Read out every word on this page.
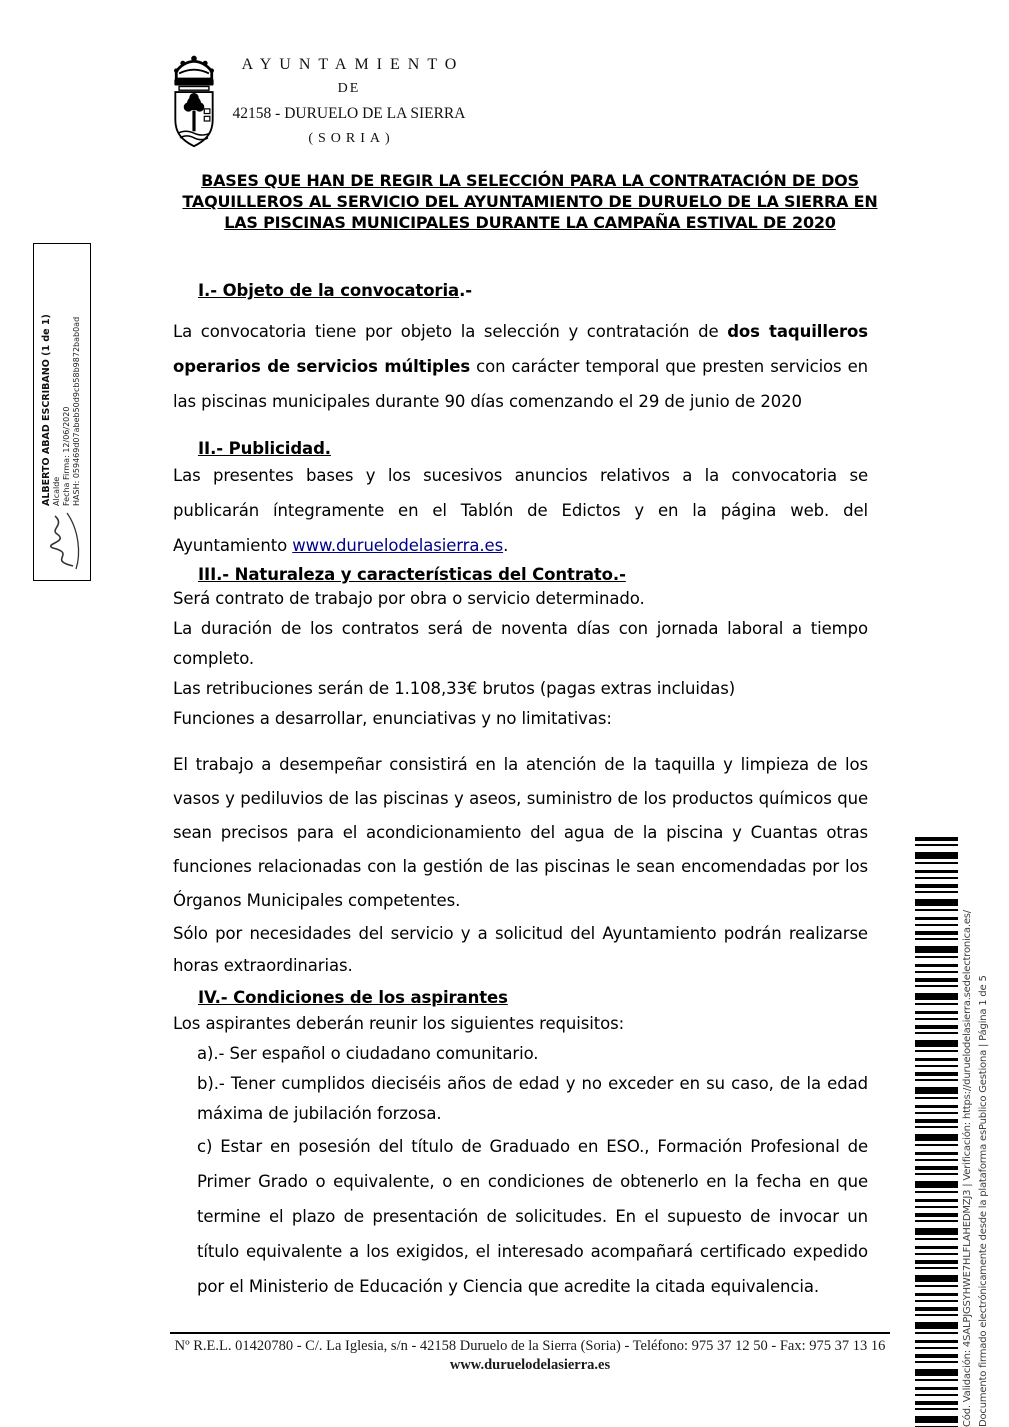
AYUNTAMIENTO
DE
42158 - DURUELO DE LA SIERRA
(SORIA)
BASES QUE HAN DE REGIR LA SELECCIÓN PARA LA CONTRATACIÓN DE DOS TAQUILLEROS AL SERVICIO DEL AYUNTAMIENTO DE DURUELO DE LA SIERRA EN LAS PISCINAS MUNICIPALES DURANTE LA CAMPAÑA ESTIVAL DE 2020
I.- Objeto de la convocatoria.-

La convocatoria tiene por objeto la selección y contratación de dos taquilleros operarios de servicios múltiples con carácter temporal que presten servicios en las piscinas municipales durante 90 días comenzando el 29 de junio de 2020

II.- Publicidad.

Las presentes bases y los sucesivos anuncios relativos a la convocatoria se publicarán íntegramente en el Tablón de Edictos y en la página web. del Ayuntamiento www.duruelodelasierra.es.

III.- Naturaleza y características del Contrato.-

Será contrato de trabajo por obra o servicio determinado.

La duración de los contratos será de noventa días con jornada laboral a tiempo completo.

Las retribuciones serán de 1.108,33€ brutos (pagas extras incluidas)

Funciones a desarrollar, enunciativas y no limitativas:

El trabajo a desempeñar consistirá en la atención de la taquilla y limpieza de los vasos y pediluvios de las piscinas y aseos, suministro de los productos químicos que sean precisos para el acondicionamiento del agua de la piscina y Cuantas otras funciones relacionadas con la gestión de las piscinas le sean encomendadas por los Órganos Municipales competentes.

Sólo por necesidades del servicio y a solicitud del Ayuntamiento podrán realizarse horas extraordinarias.

IV.- Condiciones de los aspirantes

Los aspirantes deberán reunir los siguientes requisitos:

a).- Ser español o ciudadano comunitario.

b).- Tener cumplidos dieciséis años de edad y no exceder en su caso, de la edad máxima de jubilación forzosa.

c) Estar en posesión del título de Graduado en ESO., Formación Profesional de Primer Grado o equivalente, o en condiciones de obtenerlo en la fecha en que termine el plazo de presentación de solicitudes. En el supuesto de invocar un título equivalente a los exigidos, el interesado acompañará certificado expedido por el Ministerio de Educación y Ciencia que acredite la citada equivalencia.

Nº R.E.L. 01420780 - C/. La Iglesia, s/n - 42158 Duruelo de la Sierra (Soria) - Teléfono: 975 37 12 50 - Fax: 975 37 13 16
www.duruelodelasierra.es
ALBERTO ABAD ESCRIBANO (1 de 1) Alcalde Fecha Firma: 12/06/2020 HASH: 059469d07abeb50d9cb58b9872bab0ad
Cód. Validación: 4SALPJGSYHWE7HLFLAHEDMZJ3 | Verificación: https://duruelodelasierra.sedelectronica.es/ Documento firmado electrónicamente desde la plataforma esPublico Gestiona | Página 1 de 5
